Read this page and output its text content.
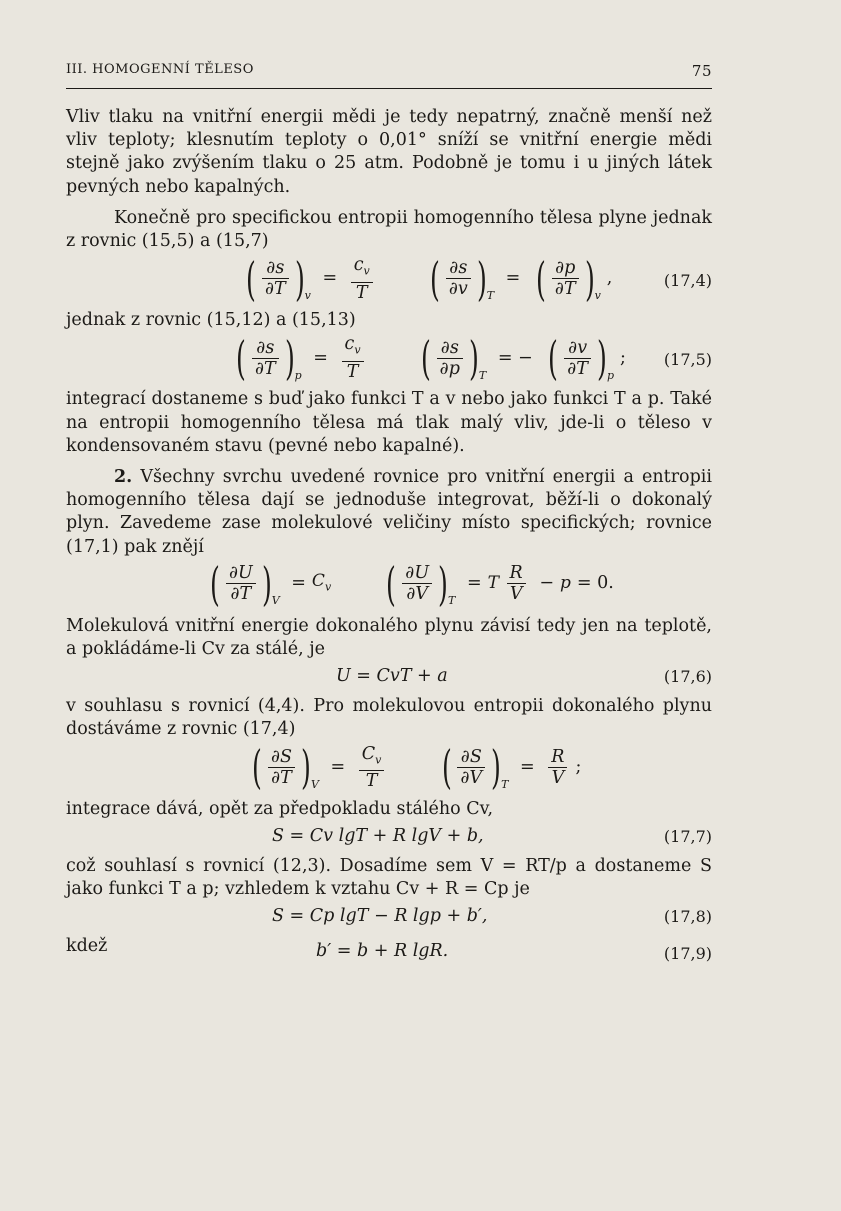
III. HOMOGENNÍ TĚLESO	75

Vliv tlaku na vnitřní energii mědi je tedy nepatrný, značně menší než vliv teploty; klesnutím teploty o 0,01° sníží se vnitřní energie mědi stejně jako zvýšením tlaku o 25 atm. Podobně je tomu i u jiných látek pevných nebo kapalných.

Konečně pro specifickou entropii homogenního tělesa plyne jednak z rovnic (15,5) a (15,7)

( $\frac{\partial s}{\partial T} )_v = \frac{c_v}{T}$ ( $\frac{\partial s}{\partial v} )_T$ = ( $\frac{\partial p}{\partial T} )_v$,	(17,4)

jednak z rovnic (15,12) a (15,13)

( $\frac{\partial s}{\partial T} )_p = \frac{c_v}{T}$ ( $\frac{\partial s}{\partial p} )_T$ = − ( $\frac{\partial v}{\partial T} )_p$;	(17,5)

integrací dostaneme s buď jako funkci T a v nebo jako funkci T a p. Také na entropii homogenního tělesa má tlak malý vliv, jde-li o těleso v kondensovaném stavu (pevné nebo kapalné).

2. Všechny svrchu uvedené rovnice pro vnitřní energii a entropii homogenního tělesa dají se jednoduše integrovat, běží-li o dokonalý plyn. Zavedeme zase molekulové veličiny místo specifických; rovnice (17,1) pak znějí

( $\frac{\partial U}{\partial T} )_V = C_v$ ( $\frac{\partial U}{\partial V} )_T = T \frac{R}{V} - p = 0$.

Molekulová vnitřní energie dokonalého plynu závisí tedy jen na teplotě, a pokládáme-li Cv za stálé, je

U = CvT + a	(17,6)

v souhlasu s rovnicí (4,4). Pro molekulovou entropii dokonalého plynu dostáváme z rovnic (17,4)

( $\frac{\partial S}{\partial T} )_V = \frac{C_v}{T}$ ( $\frac{\partial S}{\partial V} )_T = \frac{R}{V}$ ;

integrace dává, opět za předpokladu stálého Cv,

S = Cv lgT + R lgV + b,	(17,7)

což souhlasí s rovnicí (12,3). Dosadíme sem V = RT/p a dostaneme S jako funkci T a p; vzhledem k vztahu Cv + R = Cp je

S = Cp lgT − R lgp + b′,	(17,8)

kdež	b′ = b + R lgR.	(17,9)
